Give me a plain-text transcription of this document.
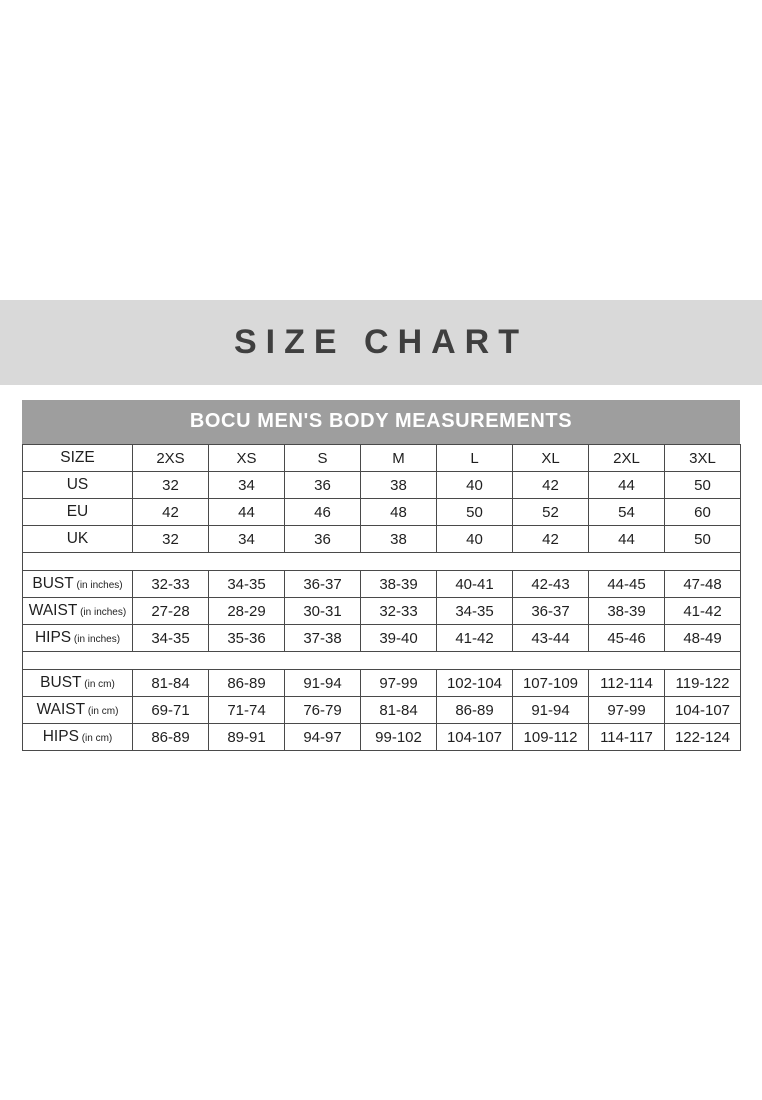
SIZE CHART
BOCU MEN'S BODY MEASUREMENTS
SIZE	2XS	XS	S	M	L	XL	2XL	3XL
US	32	34	36	38	40	42	44	50
EU	42	44	46	48	50	52	54	60
UK	32	34	36	38	40	42	44	50

BUST (in inches)	32-33	34-35	36-37	38-39	40-41	42-43	44-45	47-48
WAIST (in inches)	27-28	28-29	30-31	32-33	34-35	36-37	38-39	41-42
HIPS (in inches)	34-35	35-36	37-38	39-40	41-42	43-44	45-46	48-49

BUST (in cm)	81-84	86-89	91-94	97-99	102-104	107-109	112-114	119-122
WAIST (in cm)	69-71	71-74	76-79	81-84	86-89	91-94	97-99	104-107
HIPS (in cm)	86-89	89-91	94-97	99-102	104-107	109-112	114-117	122-124
